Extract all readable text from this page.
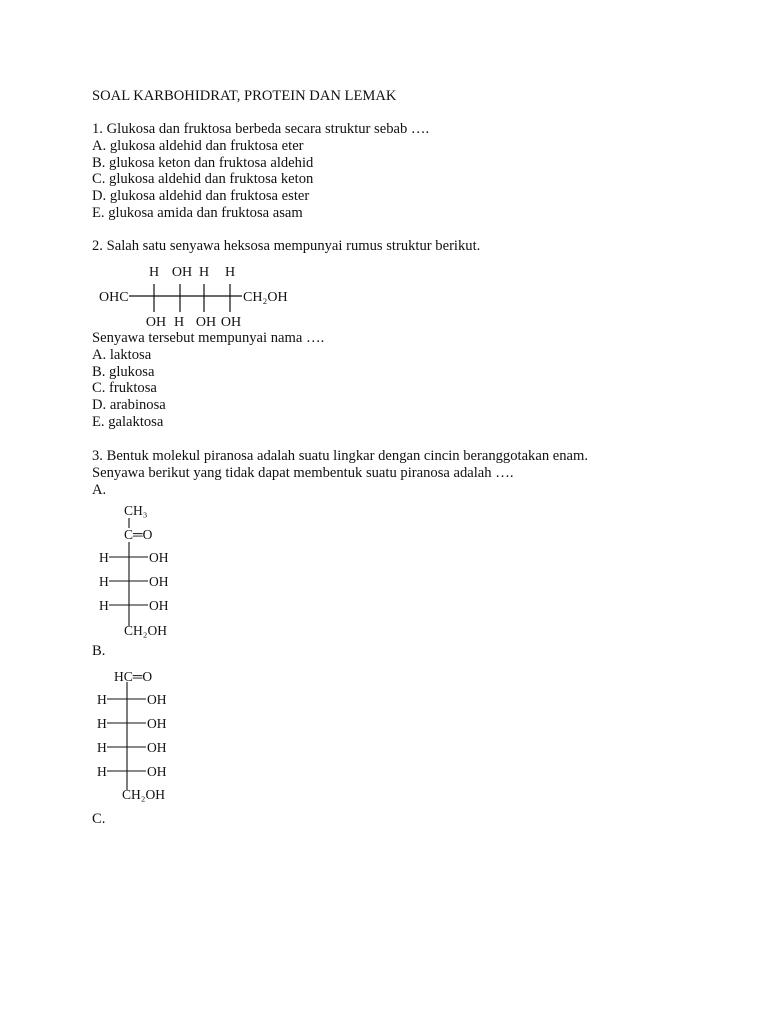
SOAL KARBOHIDRAT, PROTEIN DAN LEMAK

1. Glukosa dan fruktosa berbeda secara struktur sebab ….

A. glukosa aldehid dan fruktosa eter

B. glukosa keton dan fruktosa aldehid

C. glukosa aldehid dan fruktosa keton

D. glukosa aldehid dan fruktosa ester

E. glukosa amida dan fruktosa asam

2. Salah satu senyawa heksosa mempunyai rumus struktur berikut.

Senyawa tersebut mempunyai nama ….

A. laktosa

B. glukosa

C. fruktosa

D. arabinosa

E. galaktosa

3. Bentuk molekul piranosa adalah suatu lingkar dengan cincin beranggotakan enam.

Senyawa berikut yang tidak dapat membentuk suatu piranosa adalah ….

A.

B.

C.

OHC	CH₂OH
H OH H H
OH H OH OH
CH₃
C═O
H	OH
H	OH
H	OH
CH₂OH
HC═O
H	OH
H	OH
H	OH
H	OH
CH₂OH
